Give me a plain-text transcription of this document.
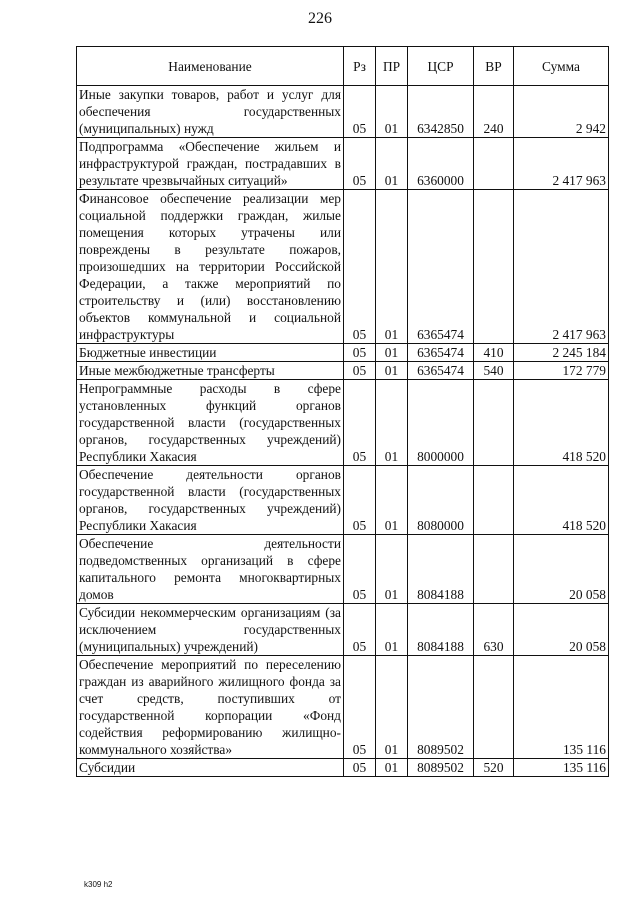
226
Наименование	Рз	ПР	ЦСР	ВР	Сумма
Иные закупки товаров, работ и услуг для обеспечения государственных (муниципальных) нужд	05	01	6342850	240	2 942
Подпрограмма «Обеспечение жильем и инфраструктурой граждан, пострадавших в результате чрезвычайных ситуаций»	05	01	6360000		2 417 963
Финансовое обеспечение реализации мер социальной поддержки граждан, жилые помещения которых утрачены или повреждены в результате пожаров, произошедших на территории Российской Федерации, а также мероприятий по строительству и (или) восстановлению объектов коммунальной и социальной инфраструктуры	05	01	6365474		2 417 963
Бюджетные инвестиции	05	01	6365474	410	2 245 184
Иные межбюджетные трансферты	05	01	6365474	540	172 779
Непрограммные расходы в сфере установленных функций органов государственной власти (государственных органов, государственных учреждений) Республики Хакасия	05	01	8000000		418 520
Обеспечение деятельности органов государственной власти (государственных органов, государственных учреждений) Республики Хакасия	05	01	8080000		418 520
Обеспечение деятельности подведомственных организаций в сфере капитального ремонта многоквартирных домов	05	01	8084188		20 058
Субсидии некоммерческим организациям (за исключением государственных (муниципальных) учреждений)	05	01	8084188	630	20 058
Обеспечение мероприятий по переселению граждан из аварийного жилищного фонда за счет средств, поступивших от государственной корпорации «Фонд содействия реформированию жилищно-коммунального хозяйства»	05	01	8089502		135 116
Субсидии	05	01	8089502	520	135 116
k309 h2
